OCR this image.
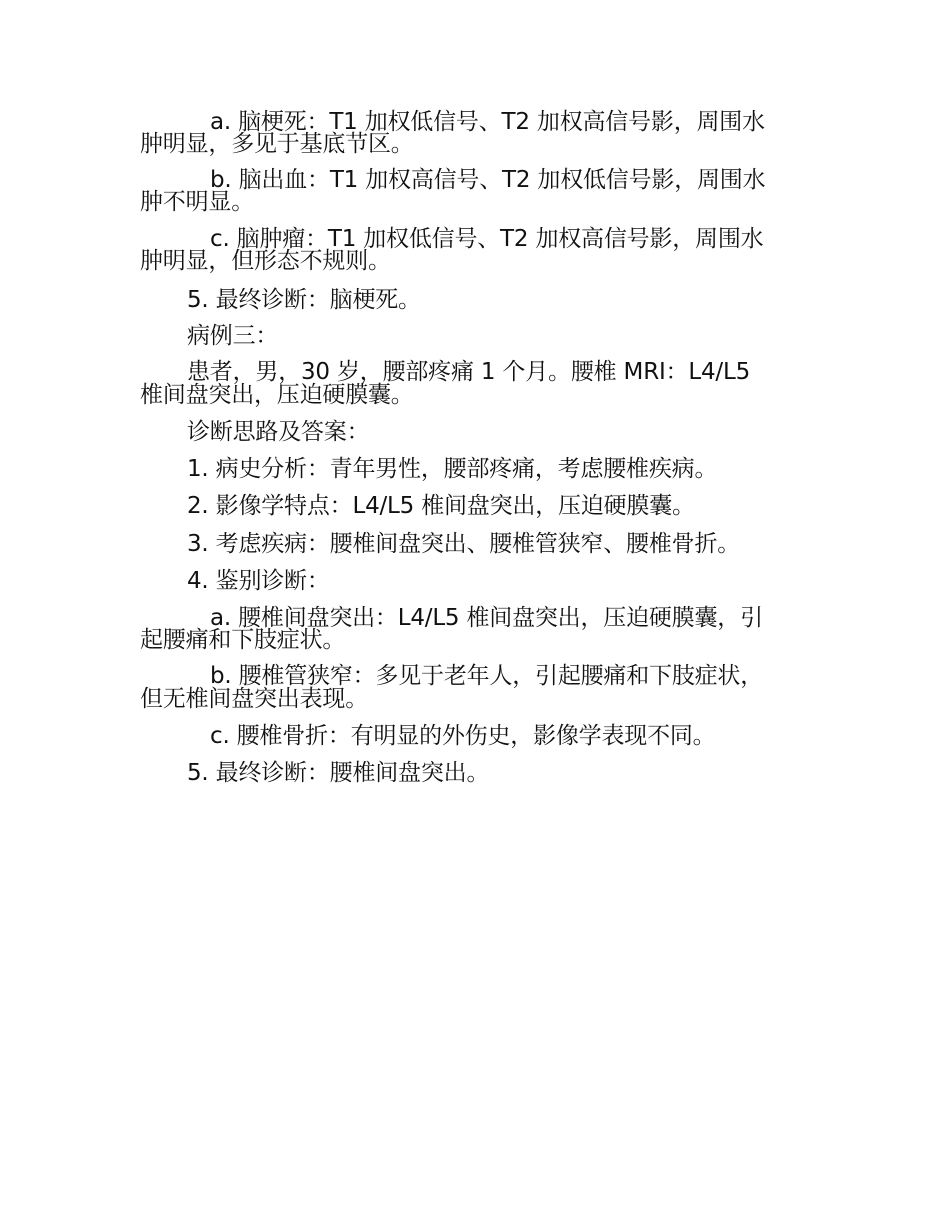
a. 脑梗死：T1 加权低信号、T2 加权高信号影，周围水
肿明显，多见于基底节区。
b. 脑出血：T1 加权高信号、T2 加权低信号影，周围水
肿不明显。
c. 脑肿瘤：T1 加权低信号、T2 加权高信号影，周围水
肿明显，但形态不规则。
5. 最终诊断：脑梗死。
病例三：
患者，男，30 岁，腰部疼痛 1 个月。腰椎 MRI：L4/L5
椎间盘突出，压迫硬膜囊。
诊断思路及答案：
1. 病史分析：青年男性，腰部疼痛，考虑腰椎疾病。
2. 影像学特点：L4/L5 椎间盘突出，压迫硬膜囊。
3. 考虑疾病：腰椎间盘突出、腰椎管狭窄、腰椎骨折。
4. 鉴别诊断：
a. 腰椎间盘突出：L4/L5 椎间盘突出，压迫硬膜囊，引
起腰痛和下肢症状。
b. 腰椎管狭窄：多见于老年人，引起腰痛和下肢症状，
但无椎间盘突出表现。
c. 腰椎骨折：有明显的外伤史，影像学表现不同。
5. 最终诊断：腰椎间盘突出。
